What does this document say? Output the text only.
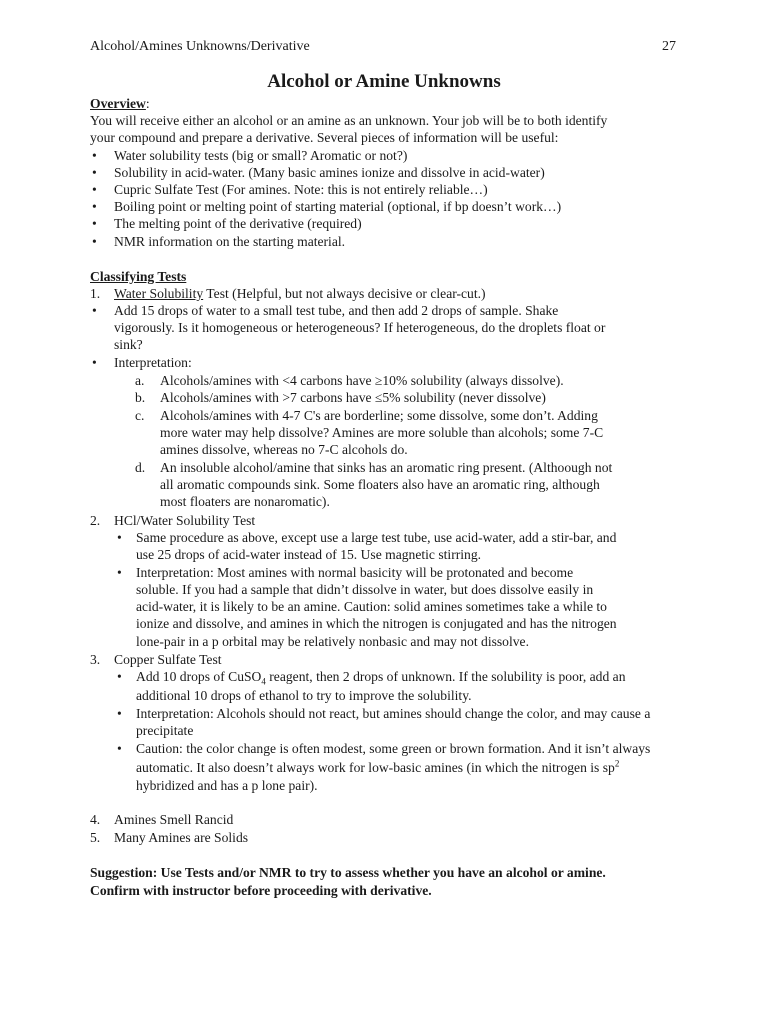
Alcohol/Amines Unknowns/Derivative	27
Alcohol or Amine Unknowns
Overview:
You will receive either an alcohol or an amine as an unknown. Your job will be to both identify
your compound and prepare a derivative. Several pieces of information will be useful:
• Water solubility tests (big or small? Aromatic or not?)
• Solubility in acid-water. (Many basic amines ionize and dissolve in acid-water)
• Cupric Sulfate Test (For amines. Note: this is not entirely reliable…)
• Boiling point or melting point of starting material (optional, if bp doesn’t work…)
• The melting point of the derivative (required)
• NMR information on the starting material.
Classifying Tests
1. Water Solubility Test (Helpful, but not always decisive or clear-cut.)
• Add 15 drops of water to a small test tube, and then add 2 drops of sample. Shake
vigorously. Is it homogeneous or heterogeneous? If heterogeneous, do the droplets float or
sink?
• Interpretation:
a. Alcohols/amines with <4 carbons have ≥10% solubility (always dissolve).
b. Alcohols/amines with >7 carbons have ≤5% solubility (never dissolve)
c. Alcohols/amines with 4-7 C's are borderline; some dissolve, some don’t. Adding
more water may help dissolve? Amines are more soluble than alcohols; some 7-C
amines dissolve, whereas no 7-C alcohols do.
d. An insoluble alcohol/amine that sinks has an aromatic ring present. (Althoough not
all aromatic compounds sink. Some floaters also have an aromatic ring, although
most floaters are nonaromatic).
2. HCl/Water Solubility Test
• Same procedure as above, except use a large test tube, use acid-water, add a stir-bar, and
use 25 drops of acid-water instead of 15. Use magnetic stirring.
• Interpretation: Most amines with normal basicity will be protonated and become
soluble. If you had a sample that didn’t dissolve in water, but does dissolve easily in
acid-water, it is likely to be an amine. Caution: solid amines sometimes take a while to
ionize and dissolve, and amines in which the nitrogen is conjugated and has the nitrogen
lone-pair in a p orbital may be relatively nonbasic and may not dissolve.
3. Copper Sulfate Test
• Add 10 drops of CuSO$_4$ reagent, then 2 drops of unknown. If the solubility is poor, add an
additional 10 drops of ethanol to try to improve the solubility.
• Interpretation: Alcohols should not react, but amines should change the color, and may cause a
precipitate
• Caution: the color change is often modest, some green or brown formation. And it isn’t always
automatic. It also doesn’t always work for low-basic amines (in which the nitrogen is $sp^2$
hybridized and has a p lone pair).
4. Amines Smell Rancid
5. Many Amines are Solids
Suggestion: Use Tests and/or NMR to try to assess whether you have an alcohol or amine.
Confirm with instructor before proceeding with derivative.
